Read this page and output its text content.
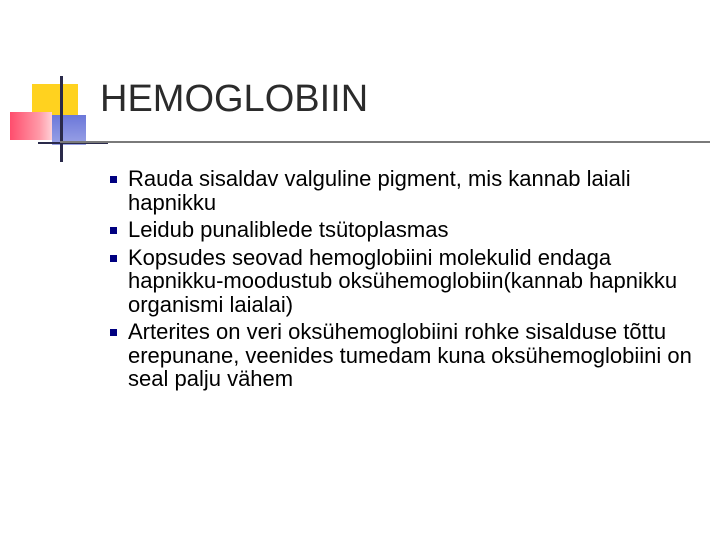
HEMOGLOBIIN
Rauda sisaldav valguline pigment, mis kannab laiali hapnikku
Leidub punaliblede tsütoplasmas
Kopsudes seovad hemoglobiini molekulid endaga hapnikku-moodustub oksühemoglobiin(kannab hapnikku organismi laialai)
Arterites on veri oksühemoglobiini rohke sisalduse tõttu erepunane, veenides tumedam kuna oksühemoglobiini on seal palju vähem
